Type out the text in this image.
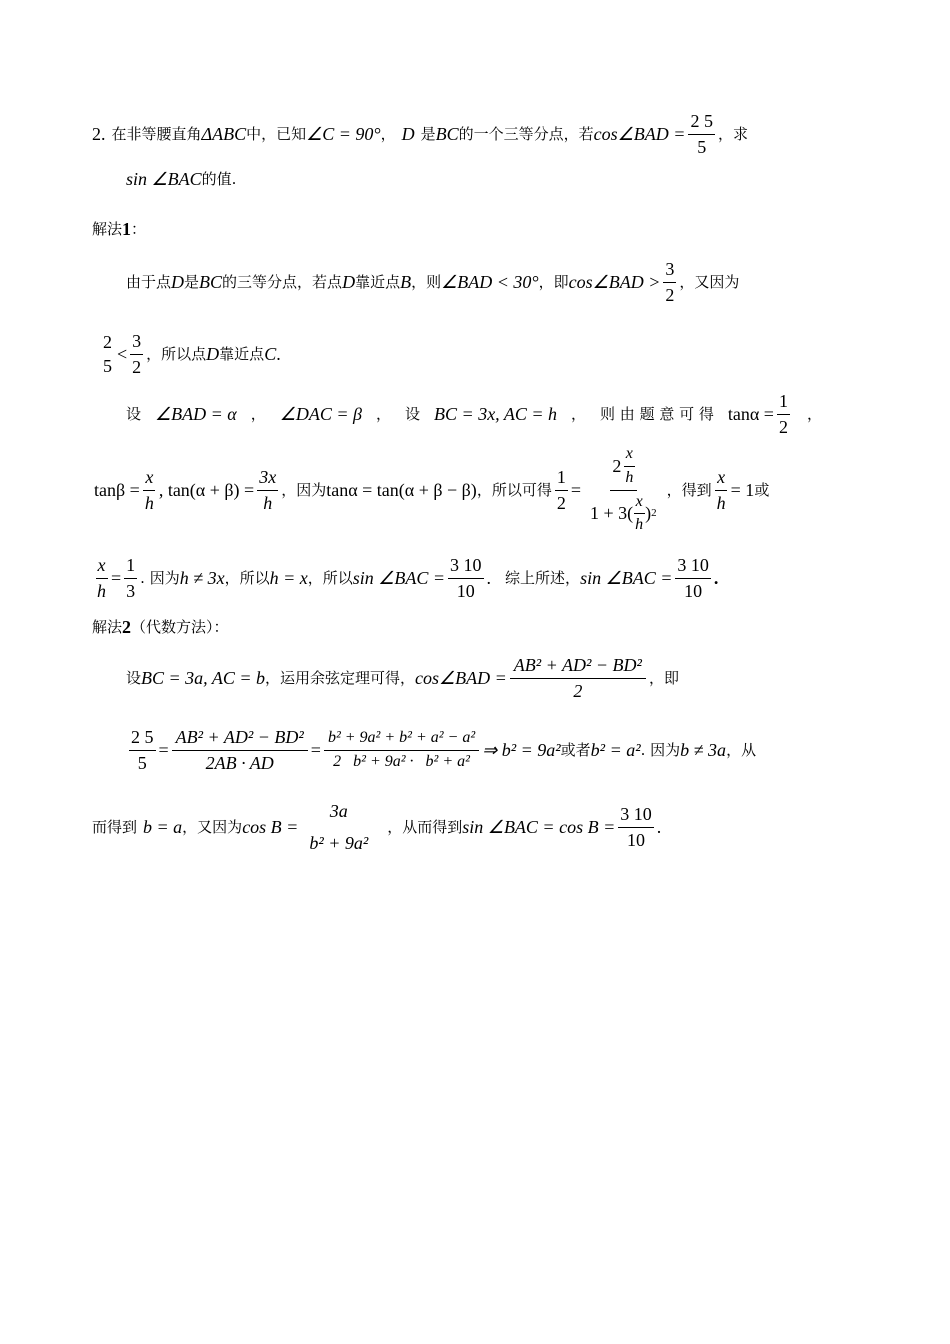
2. 在非等腰直角 ΔABC 中，已知 ∠C = 90° ， D 是 BC 的一个三等分点，若 cos∠BAD = $\frac{2 5}{5}$ ，求
sin ∠BAC 的值.
解法 1 ：
由于点 D 是 BC 的三等分点，若点 D 靠近点 B ，则 ∠BAD < 30° ，即 cos∠BAD > $\frac{3}{2}$ ，又因为
2
5
< $\frac{3}{2}$ ，所以点 D 靠近点 C .
设 ∠BAD = α ， ∠DAC = β ， 设 BC = 3x, AC = h ， 则 由 题 意 可 得 $\tan\alpha = \frac{1}{2}$ ，
$\tan\beta = \frac{x}{h}$ , $\tan(\alpha + \beta) = \frac{3x}{h}$ ，因为 tanα = tan(α + β − β) ，所以可得 $\frac{1}{2}$ =
$2 \frac{x}{h}$
$1 + 3( \frac{x}{h}$ ) 2
，得到 $\frac{x}{h} = 1$ 或
$\frac{x}{h} = \frac{1}{3}$ . 因为 h ≠ 3x ，所以 h = x ，所以 sin ∠BAC = $\frac{3 10}{10}$ . 综上所述， sin ∠BAC = $\frac{3 10}{10}$ .
解法 2 （代数方法）：
设 BC = 3a, AC = b ，运用余弦定理可得， cos∠BAD = $\frac{\text{AB² + AD² − BD²}}{2}$ ，即
$\frac{2 5}{5} = \frac{\text{AB² + AD² − BD²}}{2AB \cdot AD} = \frac{\text{b² + 9a² + b² + a² − a²}}{\text{2   b² + 9a² ·   b² + a²}}$ ⇒ b² = 9a² 或者 b² = a² . 因为 b ≠ 3a ，从
而得到 b = a ，又因为 cos B =
3a
b² + 9a²
，从而得到 sin ∠BAC = $\cos B = \frac{3 10}{10}$ .
